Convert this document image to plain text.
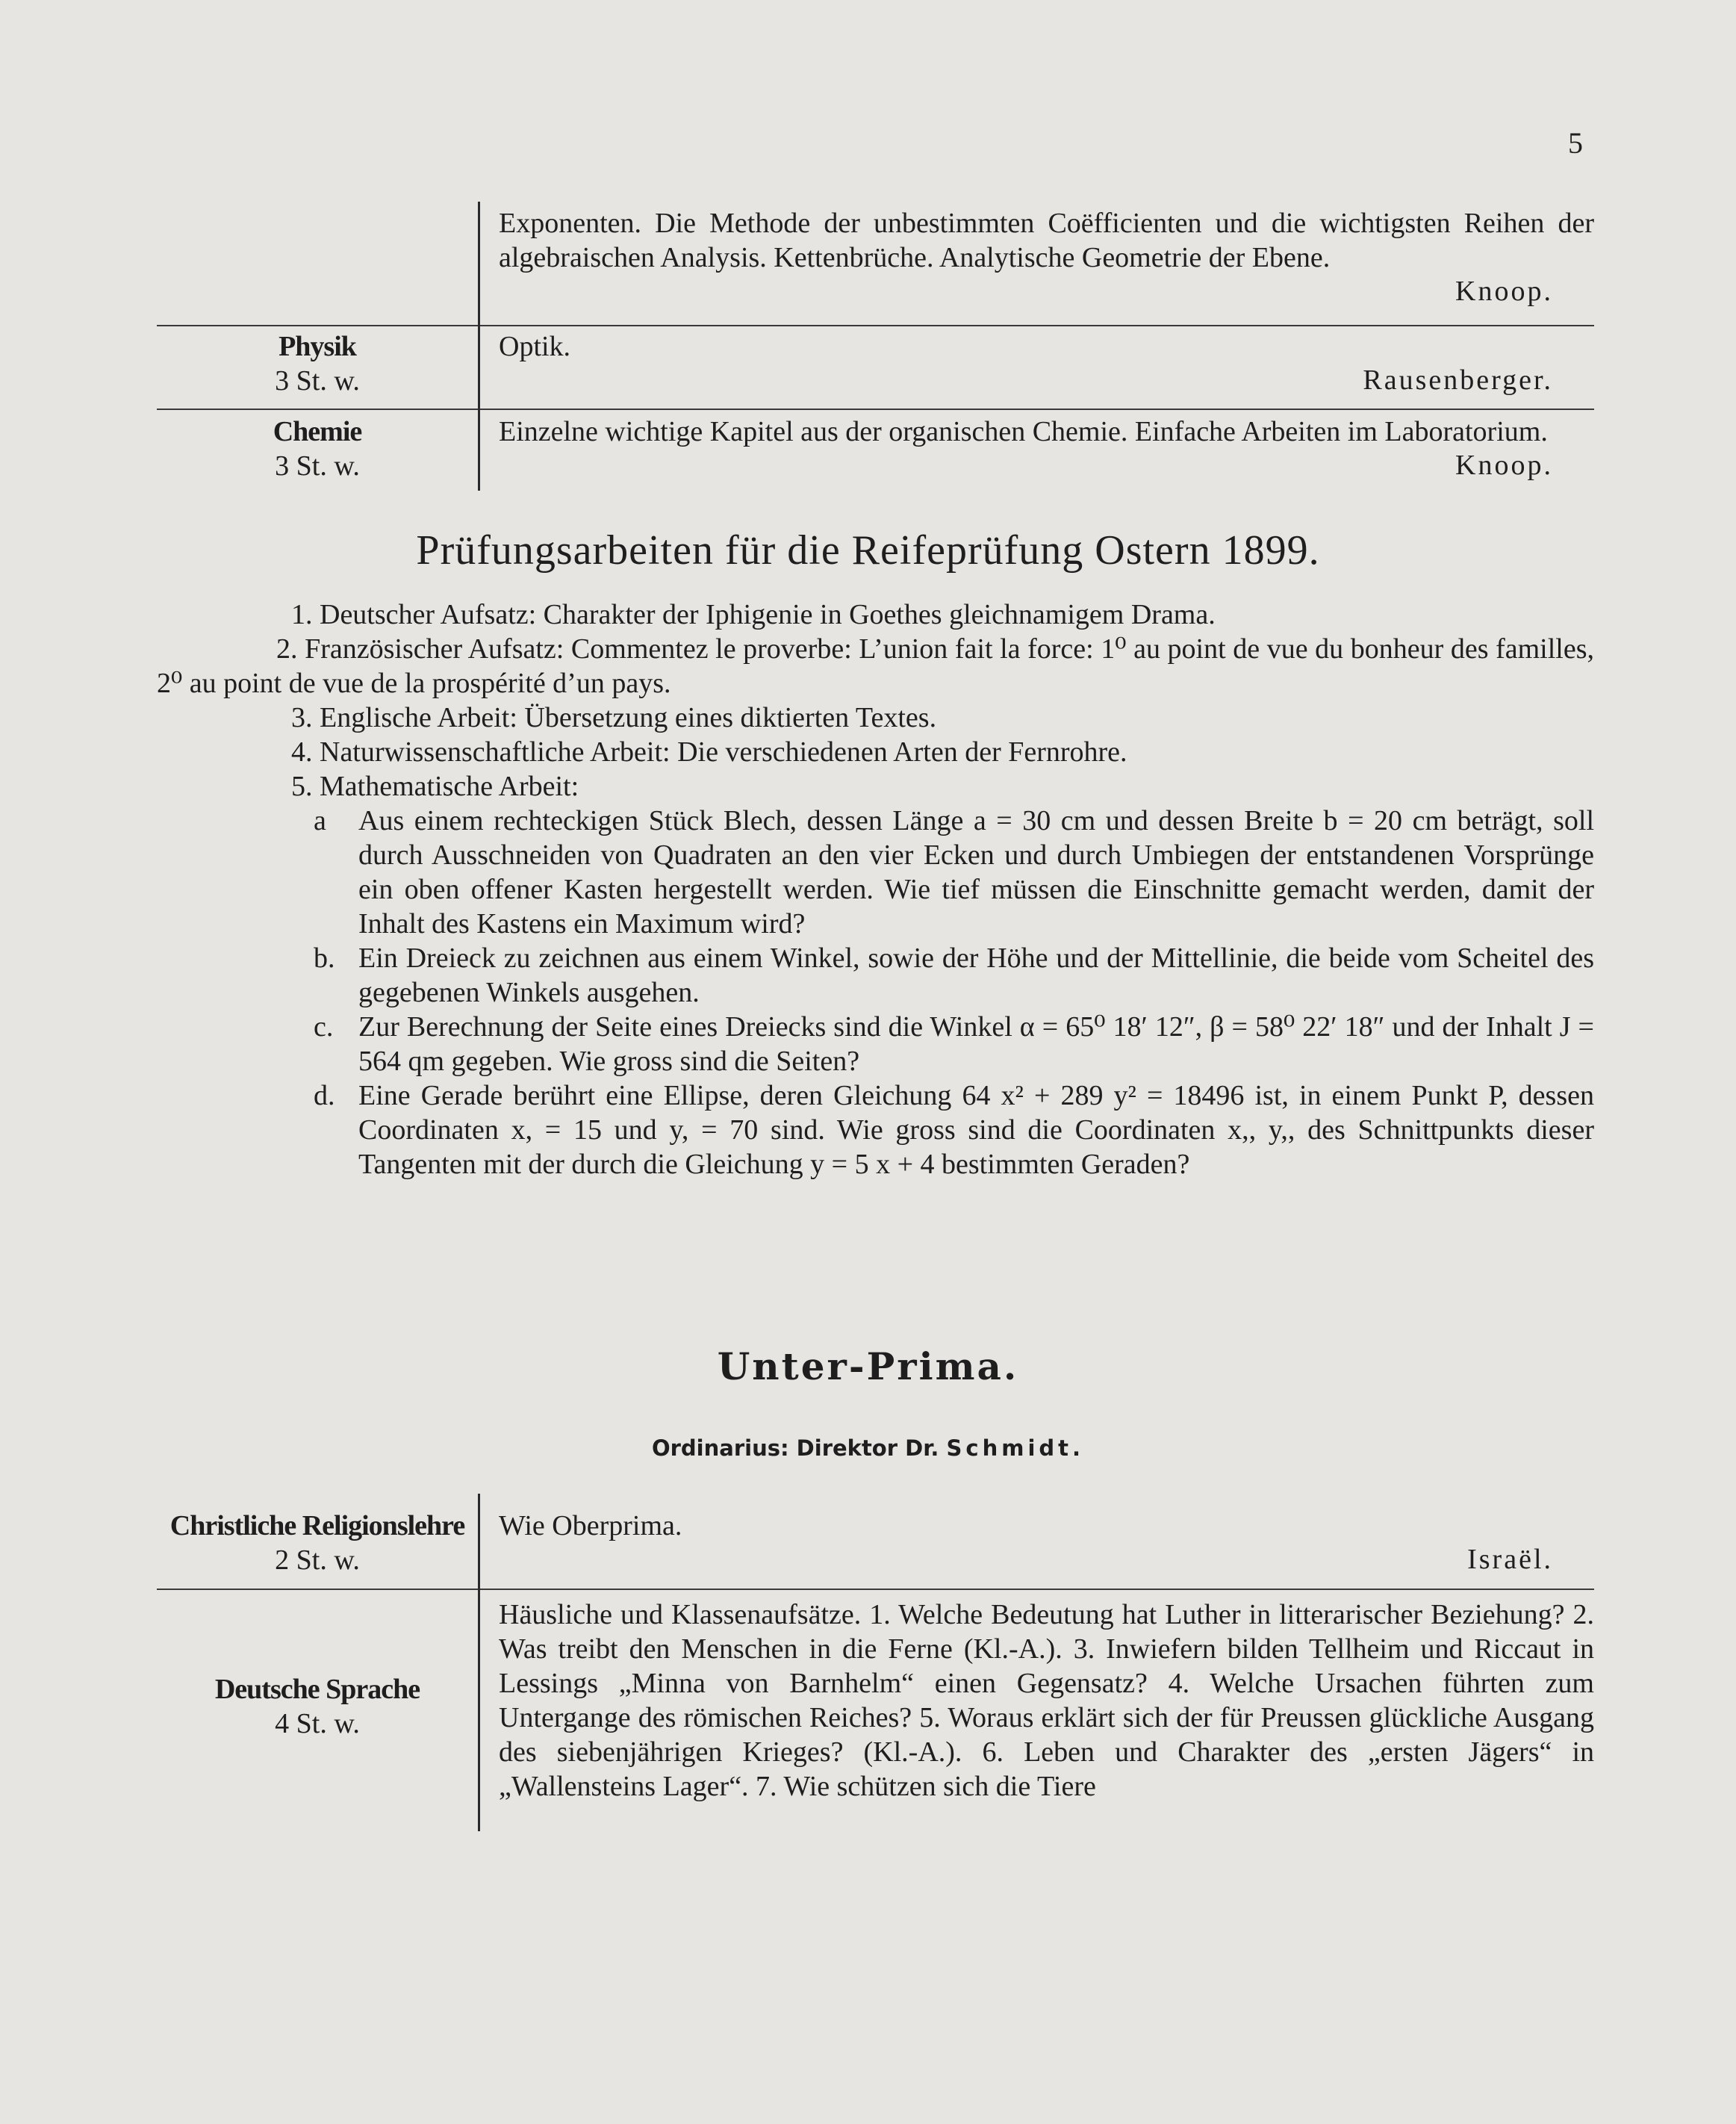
5
Exponenten. Die Methode der unbestimmten Coëfficienten und die wichtigsten Reihen der algebraischen Analysis. Kettenbrüche. Analytische Geometrie der Ebene.
Knoop.
Physik
3 St. w.
Optik.
Rausenberger.
Chemie
3 St. w.
Einzelne wichtige Kapitel aus der organischen Chemie. Einfache Arbeiten im Laboratorium.
Knoop.
Prüfungsarbeiten für die Reifeprüfung Ostern 1899.
1. Deutscher Aufsatz: Charakter der Iphigenie in Goethes gleichnamigem Drama.
2. Französischer Aufsatz: Commentez le proverbe: L’union fait la force: 1⁰ au point de vue du bonheur des familles, 2⁰ au point de vue de la prospérité d’un pays.
3. Englische Arbeit: Übersetzung eines diktierten Textes.
4. Naturwissenschaftliche Arbeit: Die verschiedenen Arten der Fernrohre.
5. Mathematische Arbeit:
a Aus einem rechteckigen Stück Blech, dessen Länge a = 30 cm und dessen Breite b = 20 cm beträgt, soll durch Ausschneiden von Quadraten an den vier Ecken und durch Umbiegen der entstandenen Vorsprünge ein oben offener Kasten hergestellt werden. Wie tief müssen die Einschnitte gemacht werden, damit der Inhalt des Kastens ein Maximum wird?
b. Ein Dreieck zu zeichnen aus einem Winkel, sowie der Höhe und der Mittellinie, die beide vom Scheitel des gegebenen Winkels ausgehen.
c. Zur Berechnung der Seite eines Dreiecks sind die Winkel α = 65⁰ 18′ 12″, β = 58⁰ 22′ 18″ und der Inhalt J = 564 qm gegeben. Wie gross sind die Seiten?
d. Eine Gerade berührt eine Ellipse, deren Gleichung 64 x² + 289 y² = 18496 ist, in einem Punkt P, dessen Coordinaten x, = 15 und y, = 70 sind. Wie gross sind die Coordinaten x,, y,, des Schnittpunkts dieser Tangenten mit der durch die Gleichung y = 5 x + 4 bestimmten Geraden?
Unter-Prima.
Ordinarius: Direktor Dr. Schmidt.
Christliche Religionslehre
2 St. w.
Wie Oberprima.
Israël.
Deutsche Sprache
4 St. w.
Häusliche und Klassenaufsätze. 1. Welche Bedeutung hat Luther in litterarischer Beziehung? 2. Was treibt den Menschen in die Ferne (Kl.-A.). 3. Inwiefern bilden Tellheim und Riccaut in Lessings „Minna von Barnhelm“ einen Gegensatz? 4. Welche Ursachen führten zum Untergange des römischen Reiches? 5. Woraus erklärt sich der für Preussen glückliche Ausgang des siebenjährigen Krieges? (Kl.-A.). 6. Leben und Charakter des „ersten Jägers“ in „Wallensteins Lager“. 7. Wie schützen sich die Tiere
